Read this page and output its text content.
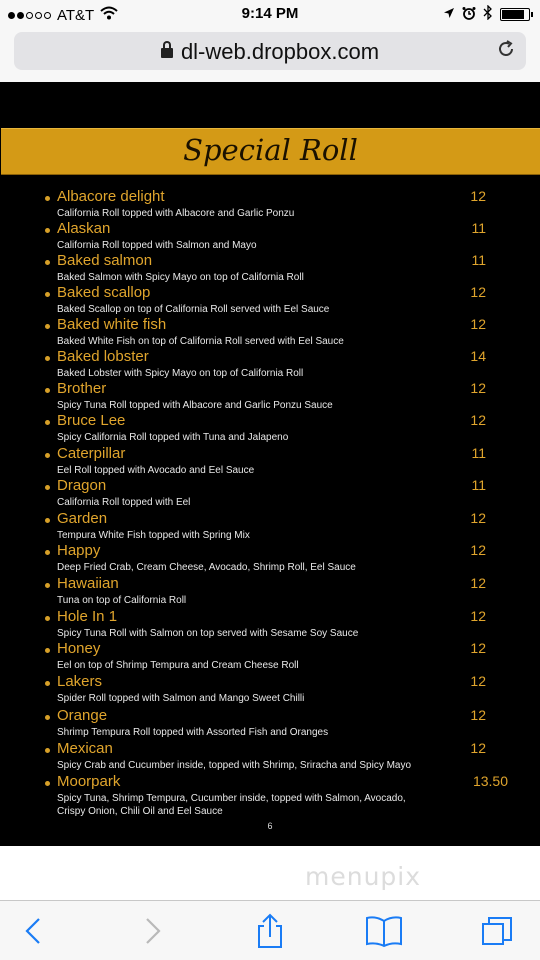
AT&T	9:14 PM
dl-web.dropbox.com
Special Roll
Albacore delight
California Roll topped with Albacore and Garlic Ponzu
12
Alaskan
California Roll topped with Salmon and Mayo
11
Baked salmon
Baked Salmon with Spicy Mayo on top of California Roll
11
Baked scallop
Baked Scallop on top of California Roll served with Eel Sauce
12
Baked white fish
Baked White Fish on top of California Roll served with Eel Sauce
12
Baked lobster
Baked Lobster with Spicy Mayo on top of California Roll
14
Brother
Spicy Tuna Roll topped with Albacore and Garlic Ponzu Sauce
12
Bruce Lee
Spicy California Roll topped with Tuna and Jalapeno
12
Caterpillar
Eel Roll topped with Avocado and Eel Sauce
11
Dragon
California Roll topped with Eel
11
Garden
Tempura White Fish topped with Spring Mix
12
Happy
Deep Fried Crab, Cream Cheese, Avocado, Shrimp Roll, Eel Sauce
12
Hawaiian
Tuna on top of California Roll
12
Hole In 1
Spicy Tuna Roll with Salmon on top served with Sesame Soy Sauce
12
Honey
Eel on top of Shrimp Tempura and Cream Cheese Roll
12
Lakers
Spider Roll topped with Salmon and Mango Sweet Chilli
12
Orange
Shrimp Tempura Roll topped with Assorted Fish and Oranges
12
Mexican
Spicy Crab and Cucumber inside, topped with Shrimp, Sriracha and Spicy Mayo
12
Moorpark
Spicy Tuna, Shrimp Tempura, Cucumber inside, topped with Salmon, Avocado,
Crispy Onion, Chili Oil and Eel Sauce
13.50
6
menupix
